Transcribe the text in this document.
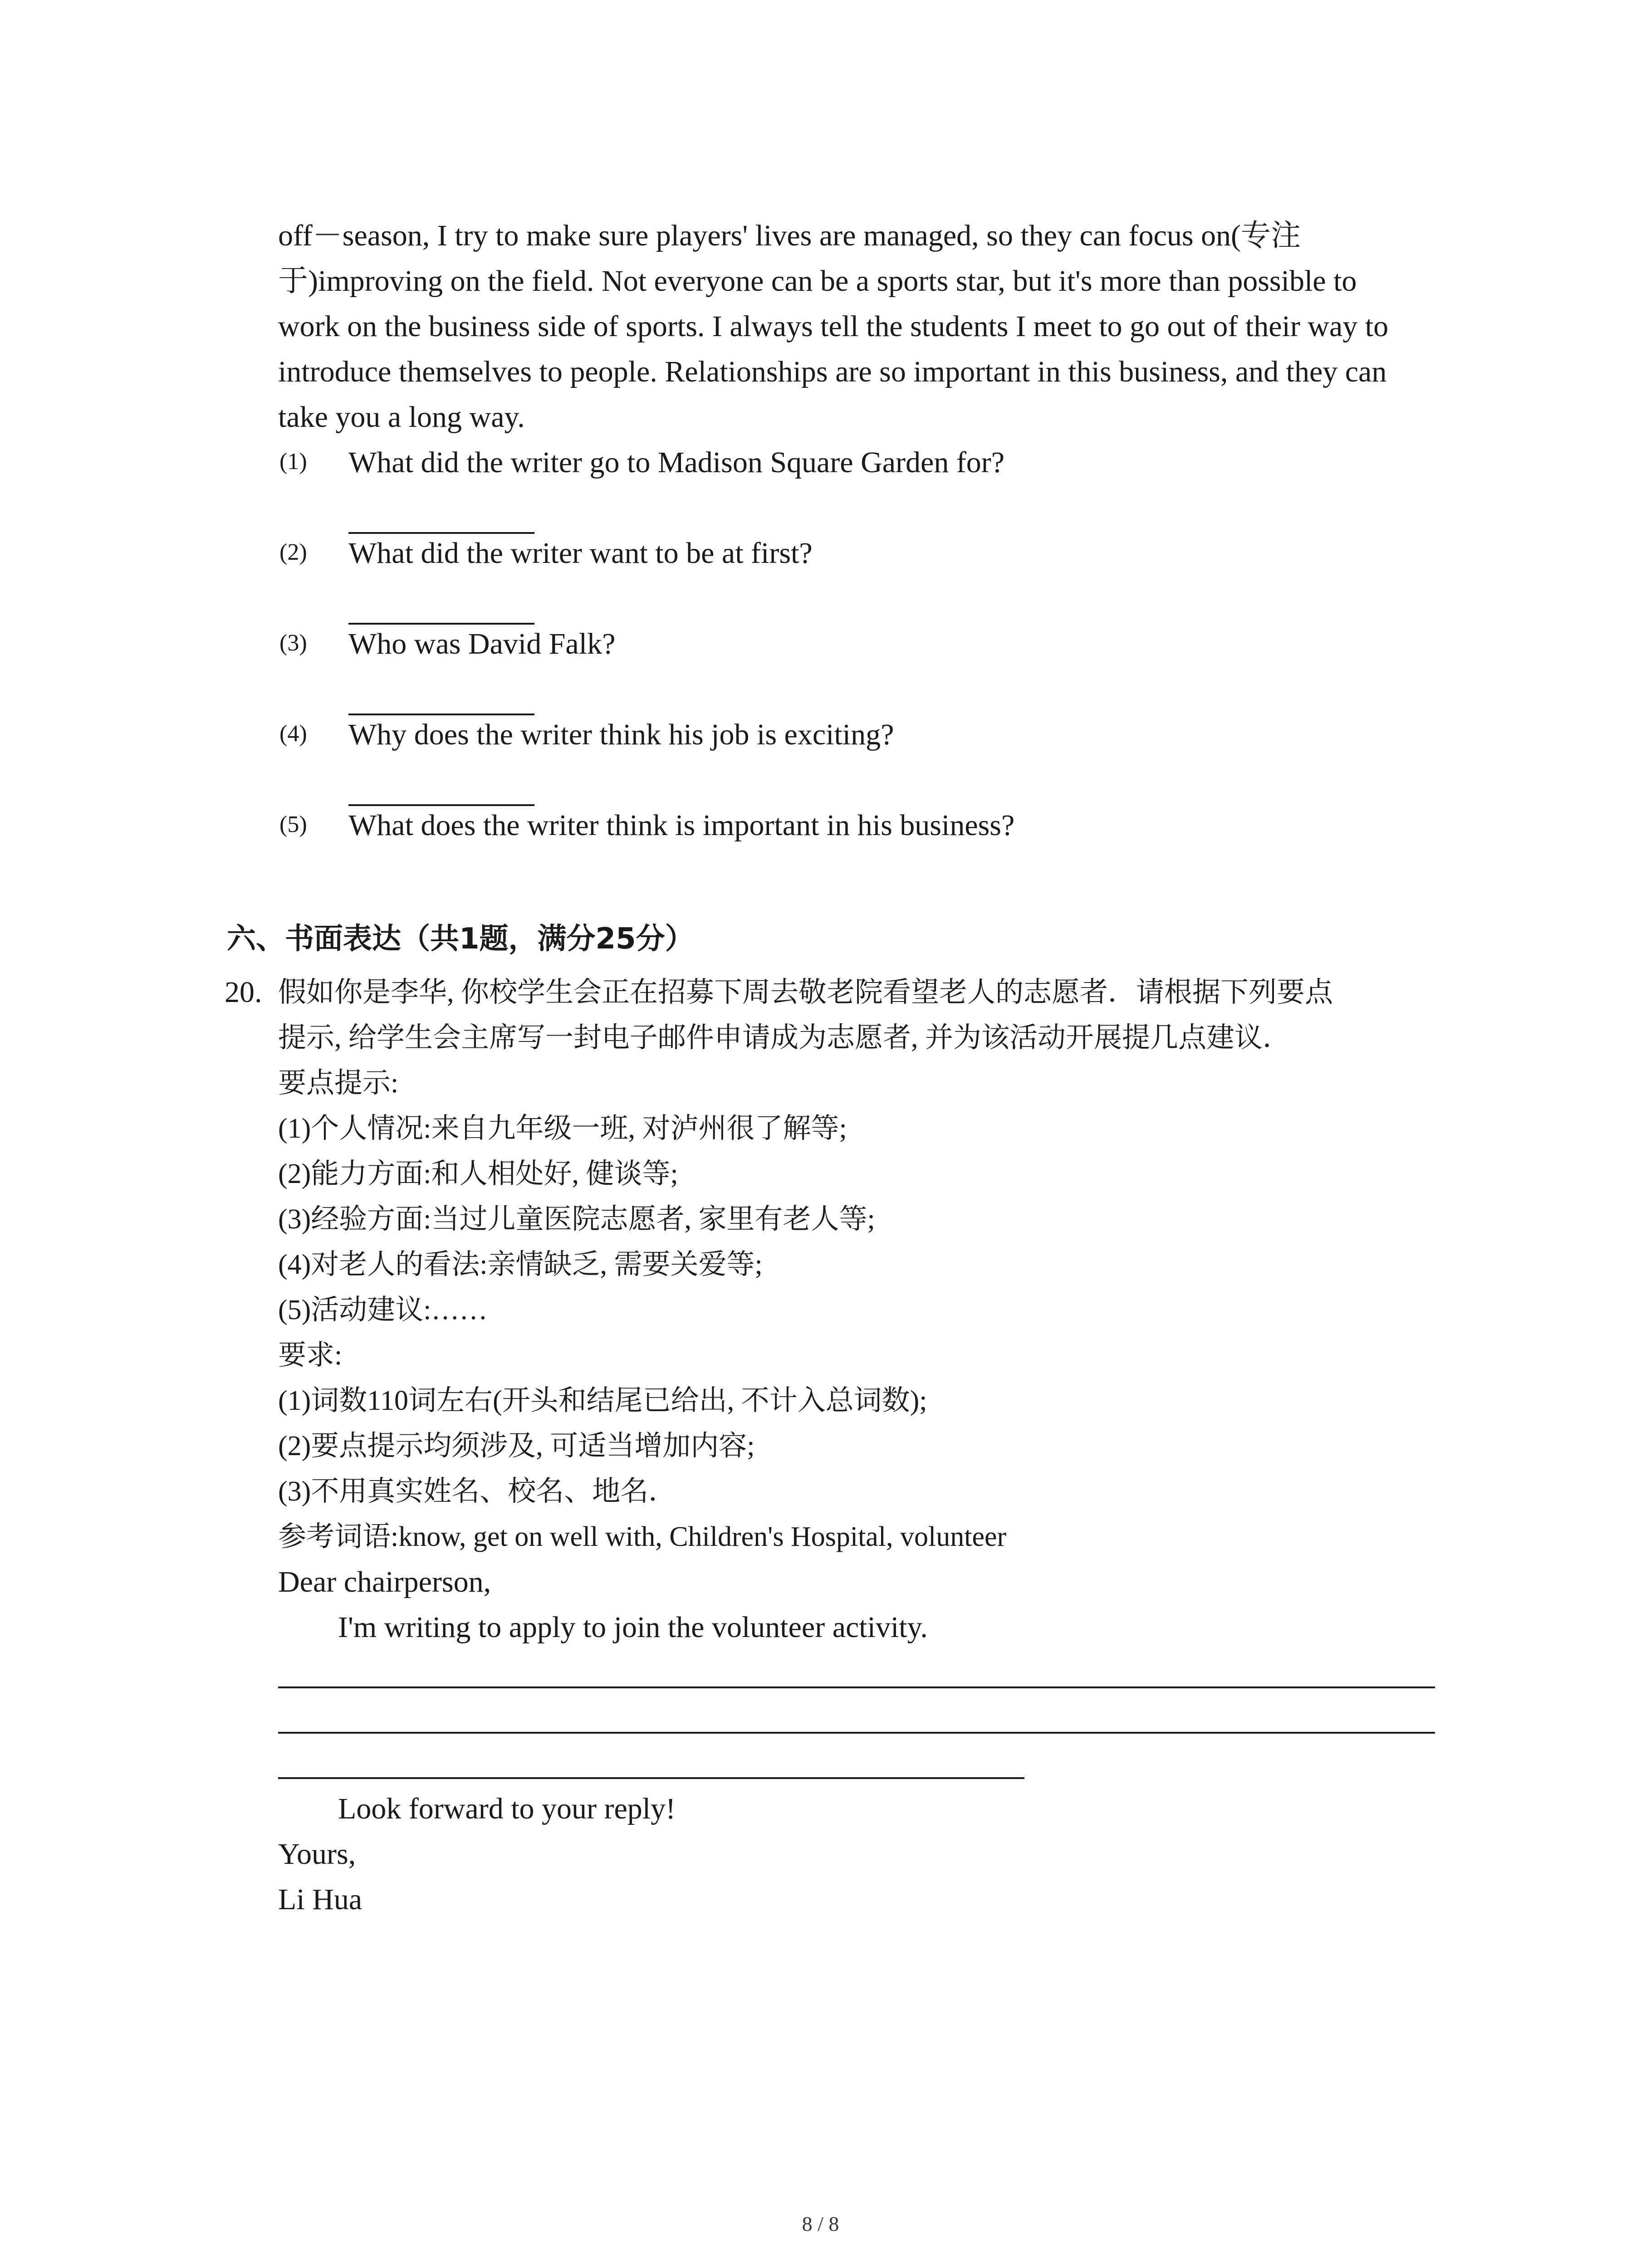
off－season, I try to make sure players' lives are managed, so they can focus on(专注
于)improving on the field. Not everyone can be a sports star, but it's more than possible to
work on the business side of sports. I always tell the students I meet to go out of their way to
introduce themselves to people. Relationships are so important in this business, and they can
take you a long way.
(1) What did the writer go to Madison Square Garden for?
(2) What did the writer want to be at first?
(3) Who was David Falk?
(4) Why does the writer think his job is exciting?
(5) What does the writer think is important in his business?
六、书面表达（共1题，满分25分）
20. 假如你是李华, 你校学生会正在招募下周去敬老院看望老人的志愿者．请根据下列要点
提示, 给学生会主席写一封电子邮件申请成为志愿者, 并为该活动开展提几点建议．
要点提示:
(1)个人情况:来自九年级一班, 对泸州很了解等;
(2)能力方面:和人相处好, 健谈等;
(3)经验方面:当过儿童医院志愿者, 家里有老人等;
(4)对老人的看法:亲情缺乏, 需要关爱等;
(5)活动建议:……
要求:
(1)词数110词左右(开头和结尾已给出, 不计入总词数);
(2)要点提示均须涉及, 可适当增加内容;
(3)不用真实姓名、校名、地名．
参考词语:know, get on well with, Children's Hospital, volunteer
Dear chairperson,
I'm writing to apply to join the volunteer activity.
Look forward to your reply!
Yours,
Li Hua
8 / 8
